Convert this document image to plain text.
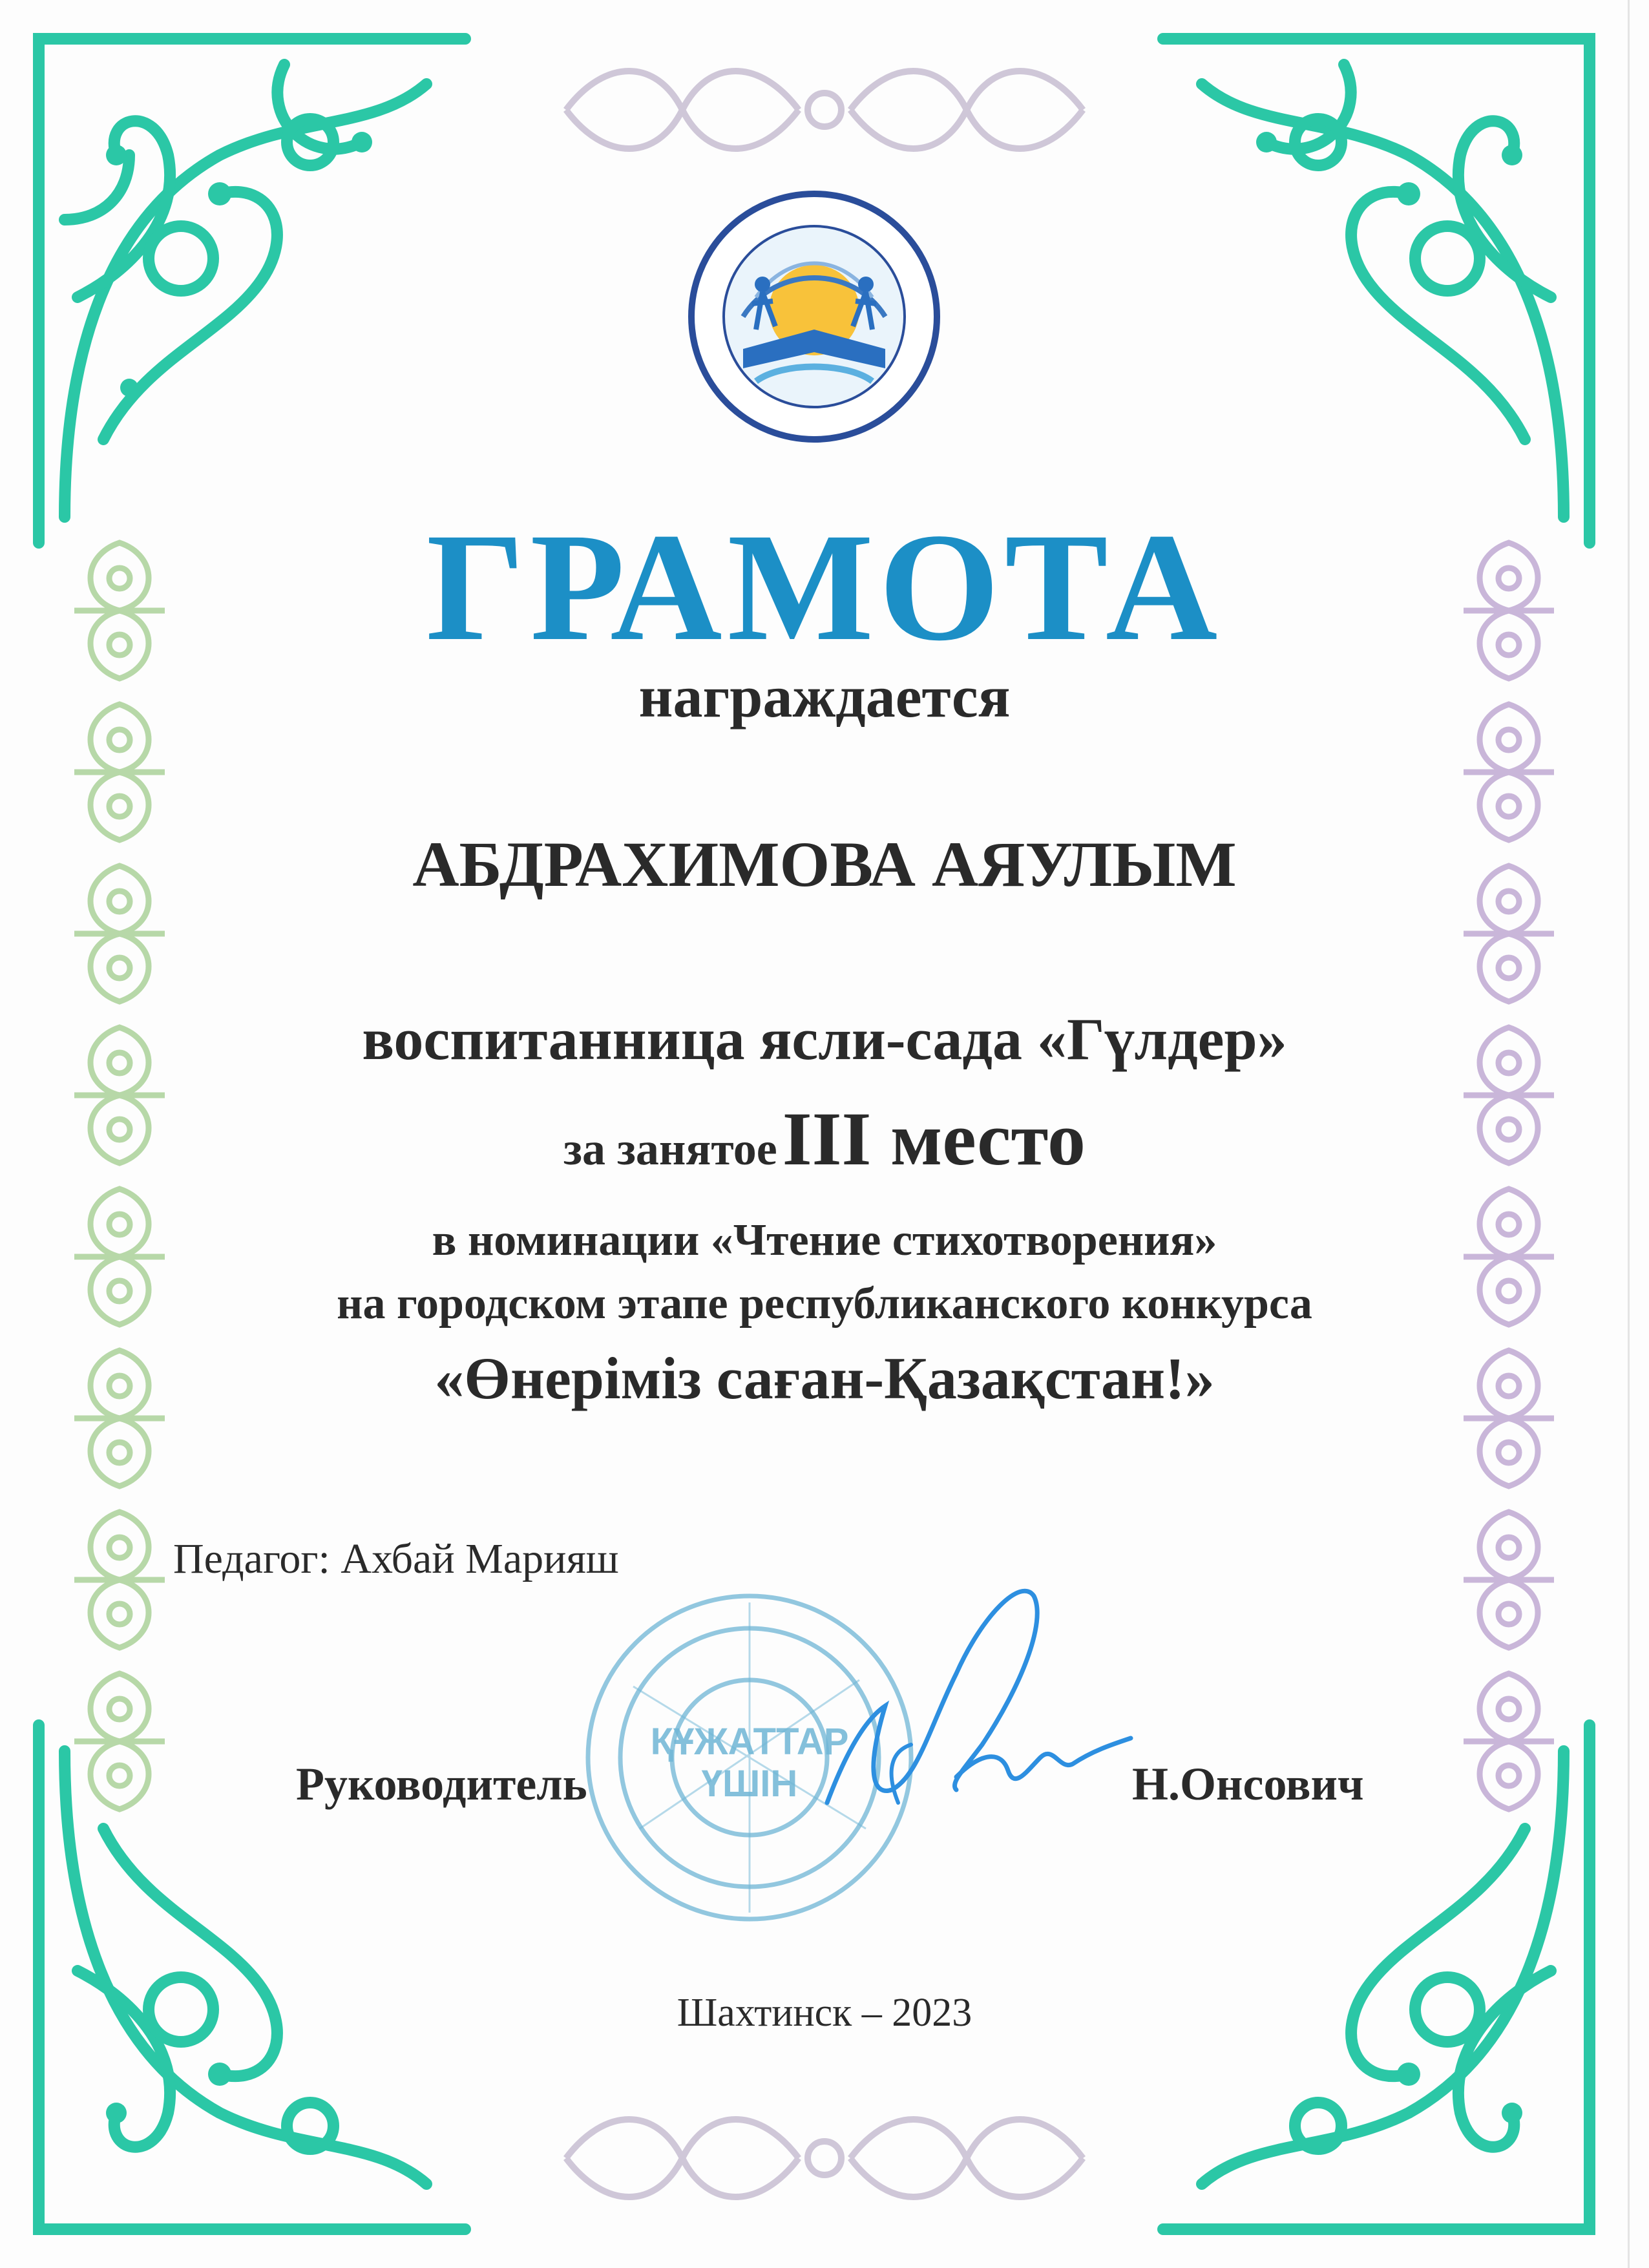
ГРАМОТА
награждается
АБДРАХИМОВА АЯУЛЫМ
воспитанница ясли-сада «Гүлдер»
за занятое  III место
в номинации «Чтение стихотворения»
на городском этапе республиканского конкурса
«Өнеріміз саған-Қазақстан!»
Педагог: Ахбай Марияш
ҚҰЖАТТАР
ҮШІН
Руководитель	Н.Онсович
Шахтинск – 2023
